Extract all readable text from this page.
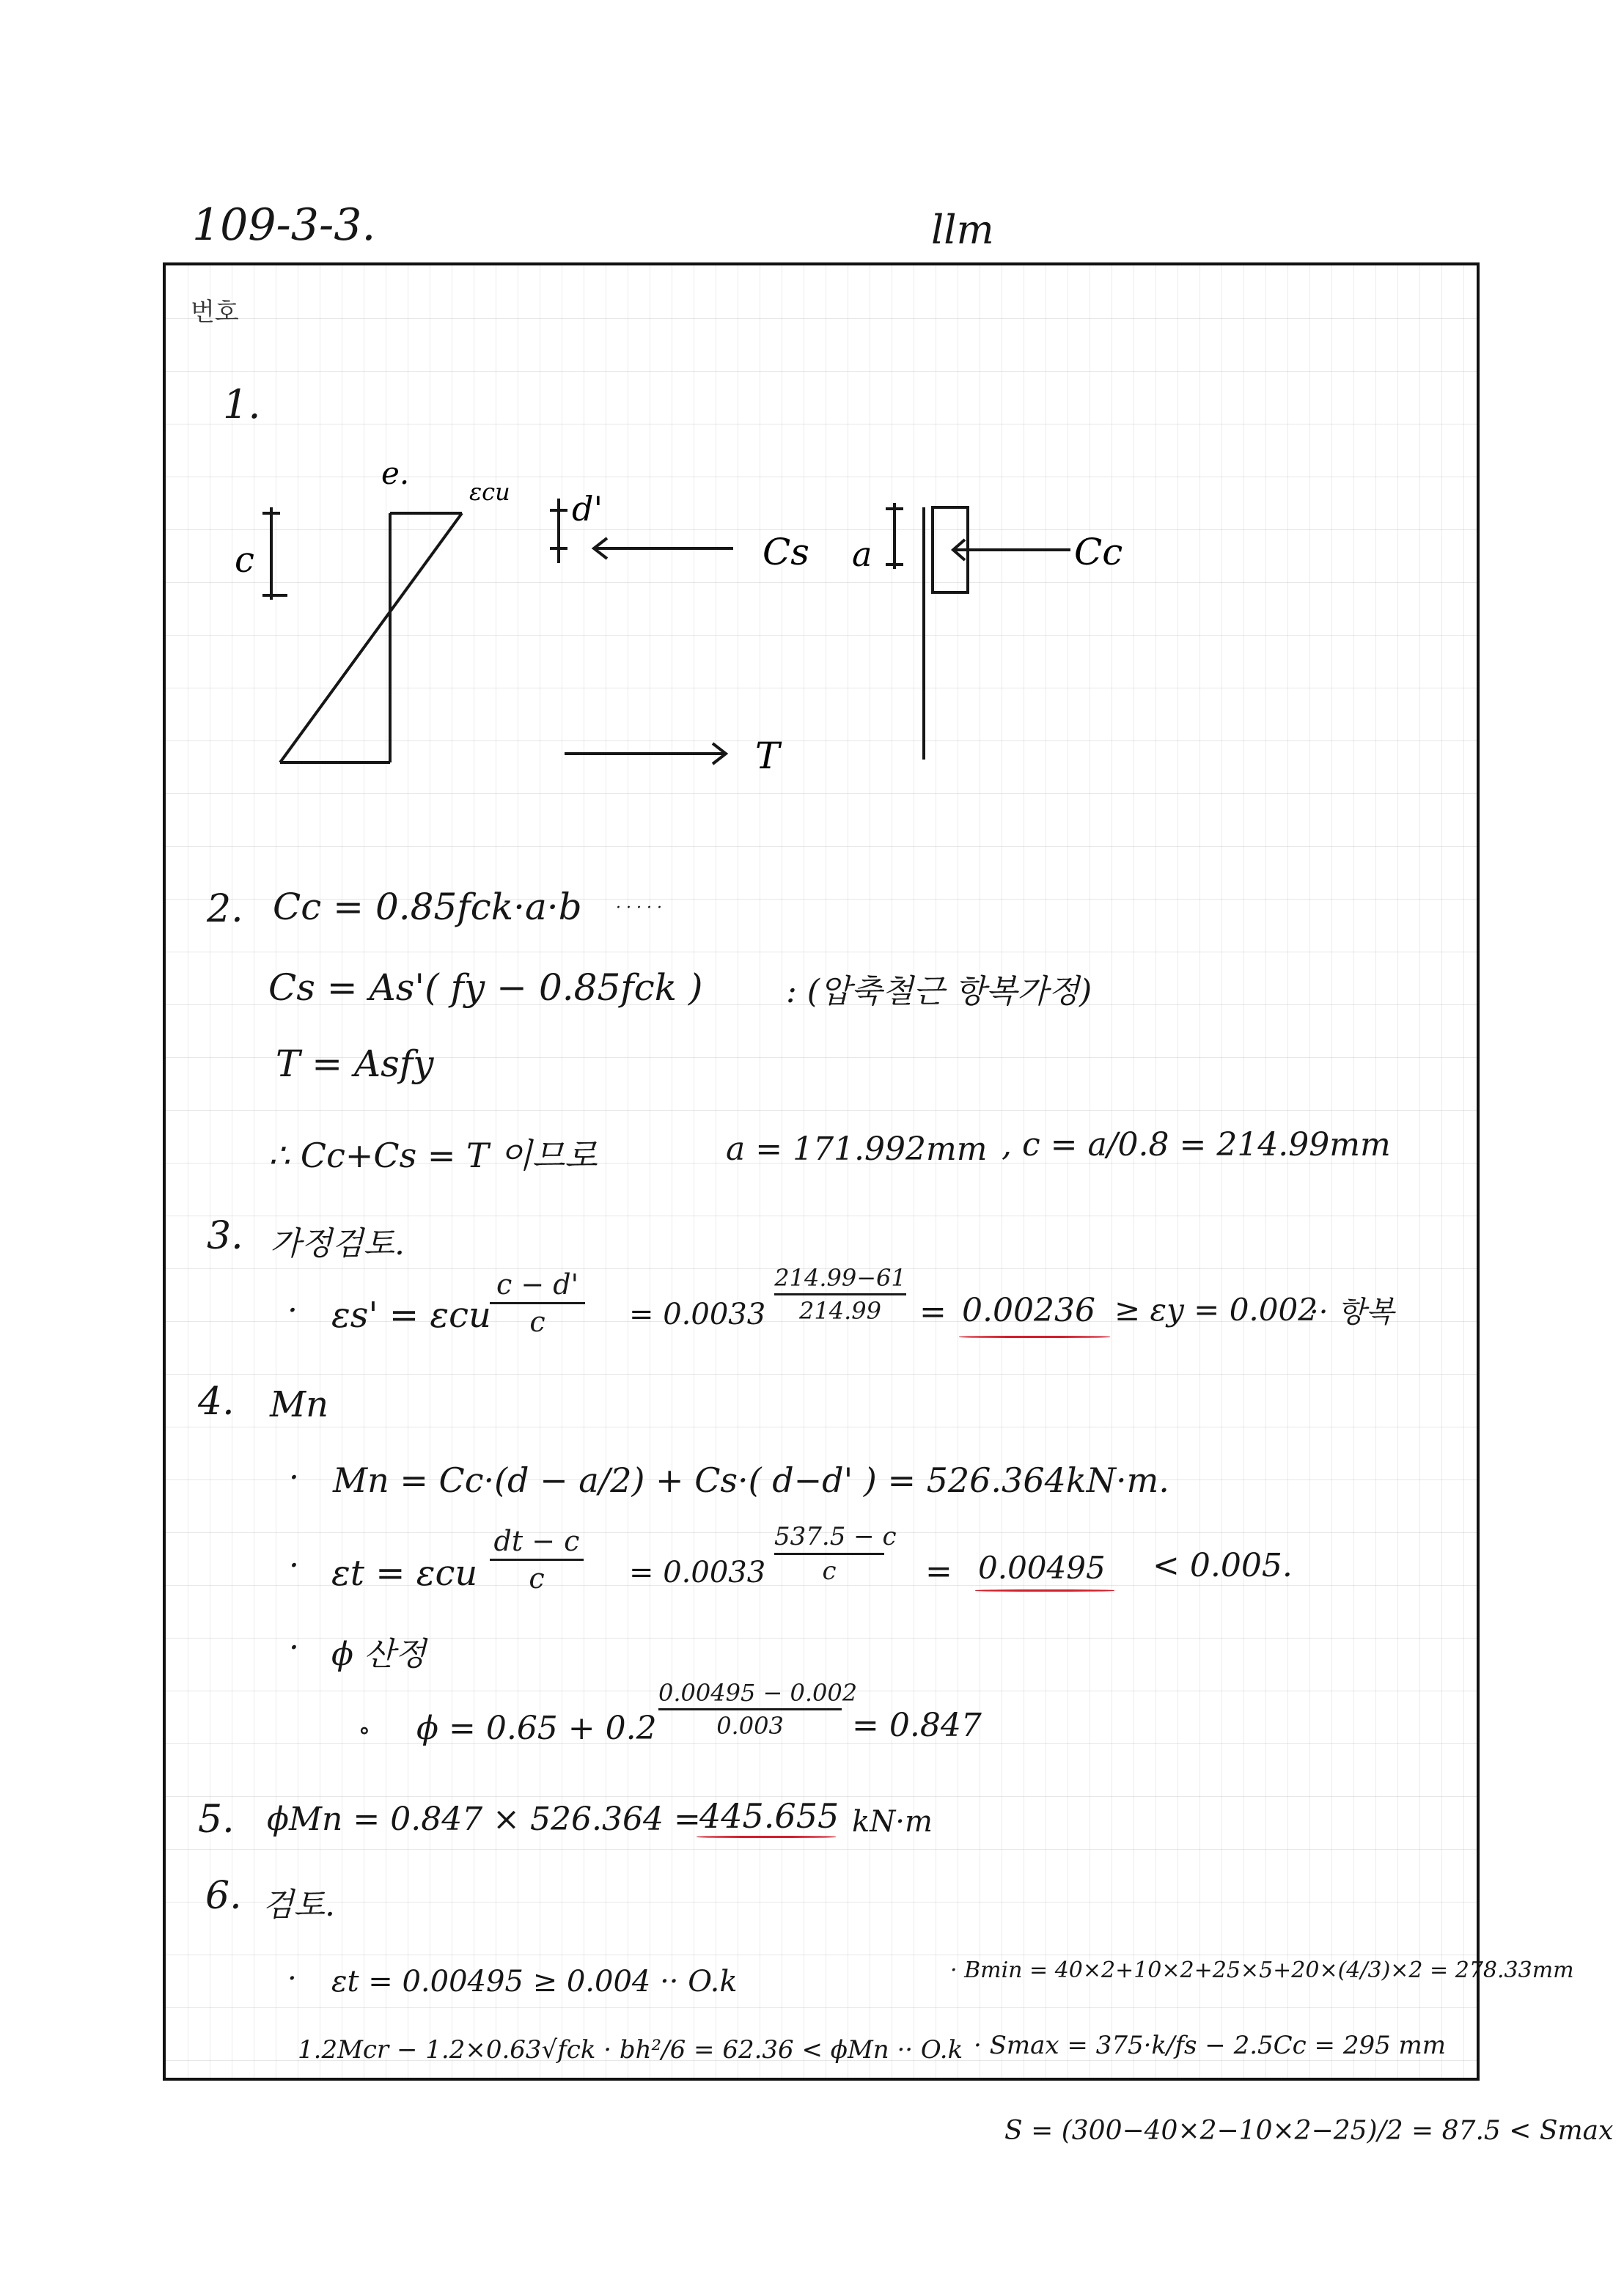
109-3-3.	llm
번호
1.
c
e.
εcu d'
Cs a	Cc
T
2. Cc = 0.85fck·a·b · · · · ·
Cs = As'( fy − 0.85fck )	: (압축철근 항복가정)
T = Asfy
∴ Cc+Cs = T 이므로	a = 171.992mm , c = a/0.8 = 214.99mm
3. 가정검토.
· εs' = εcu
c − d'
c	= 0.0033
214.99−61
214.99	= 0.00236 ≥ εy = 0.002
·· 항복
4. Mn
· Mn = Cc·(d − a/2) + Cs·( d−d' ) = 526.364kN·m.
· εt = εcu
dt − c
c	= 0.0033
537.5 − c
c	= 0.00495 < 0.005.
· ϕ 산정
∘ ϕ = 0.65 + 0.2
0.00495 − 0.002
0.003	= 0.847
5. ϕMn = 0.847 × 526.364 =
445.655 kN·m
6. 검토.
· εt = 0.00495 ≥ 0.004 ·· O.k	· Bmin = 40×2+10×2+25×5+20×(4/3)×2 = 278.33mm
1.2Mcr − 1.2×0.63√fck · bh²/6 = 62.36 < ϕMn ·· O.k · Smax = 375·k/fs − 2.5Cc = 295 mm
S = (300−40×2−10×2−25)/2 = 87.5 < Smax
